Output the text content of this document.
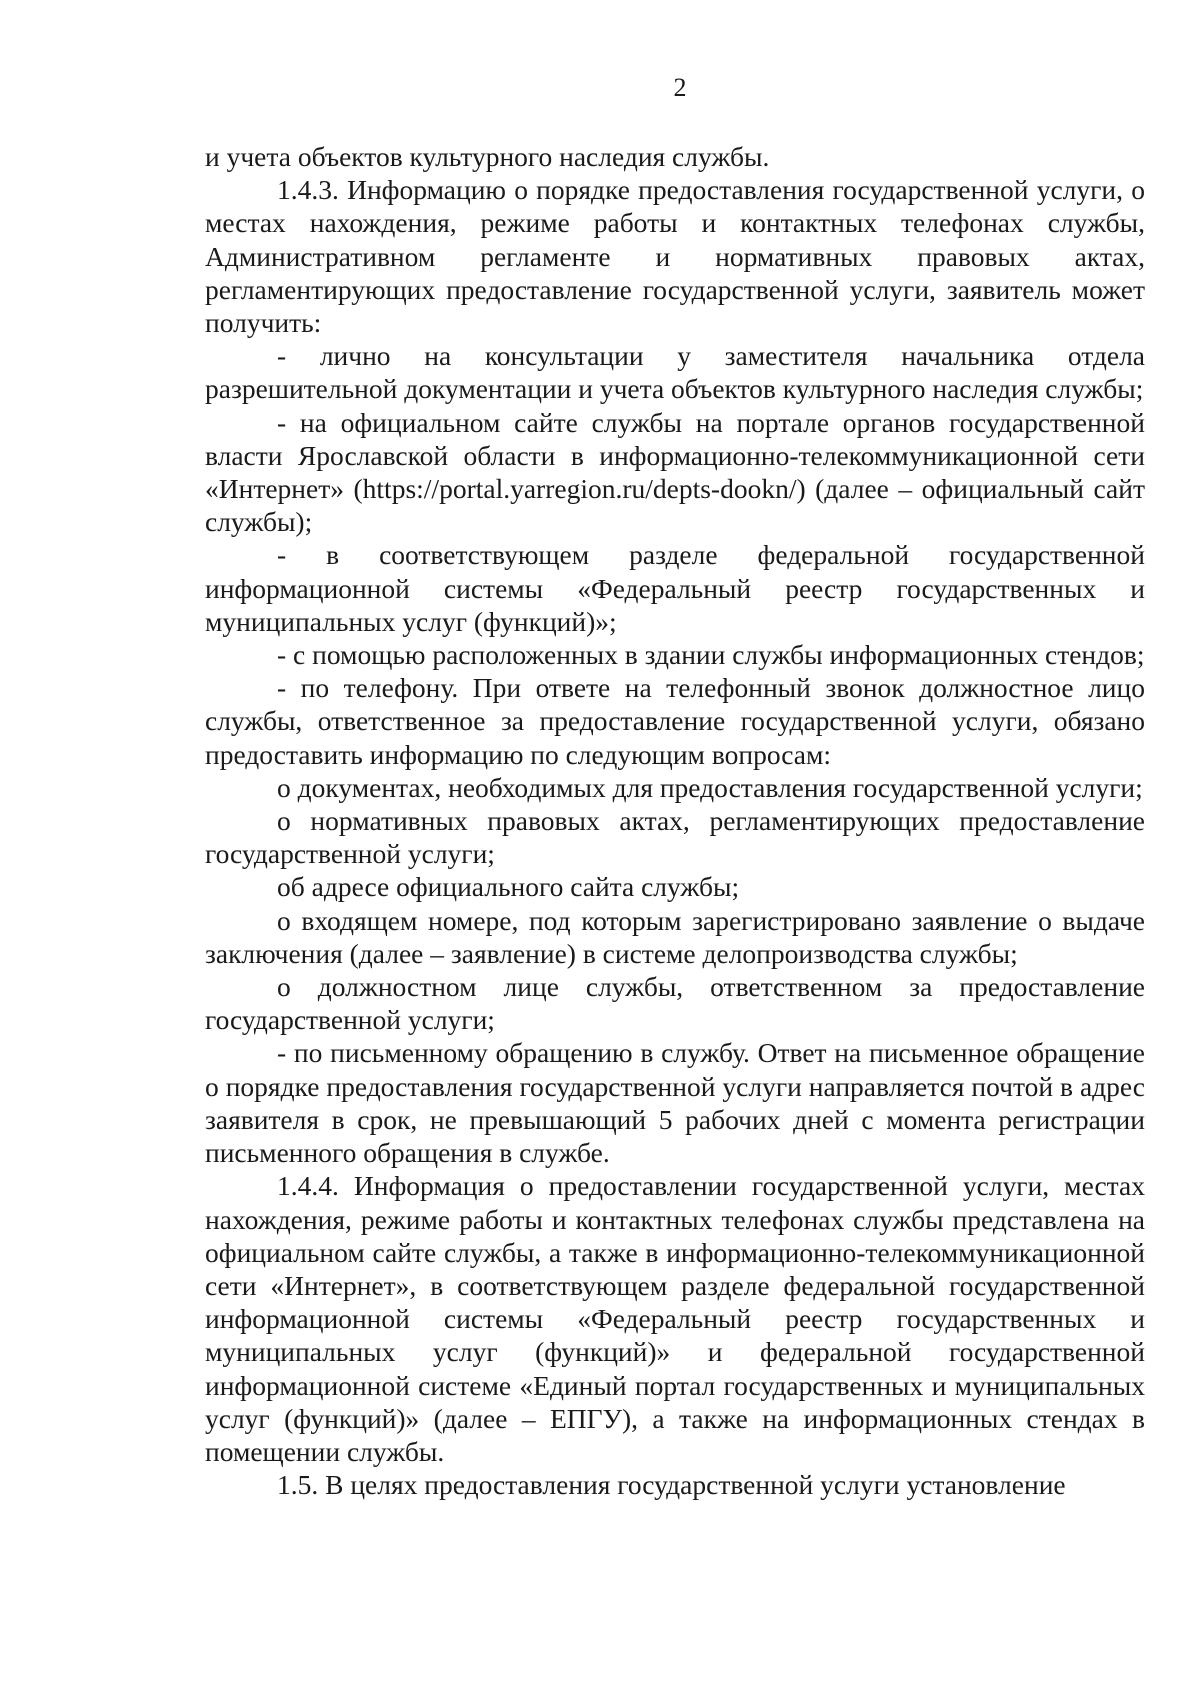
2

и учета объектов культурного наследия службы.

1.4.3. Информацию о порядке предоставления государственной услуги, о местах нахождения, режиме работы и контактных телефонах службы, Административном регламенте и нормативных правовых актах, регламентирующих предоставление государственной услуги, заявитель может получить:

- лично на консультации у заместителя начальника отдела разрешительной документации и учета объектов культурного наследия службы;

- на официальном сайте службы на портале органов государственной власти Ярославской области в информационно-телекоммуникационной сети «Интернет» (https://portal.yarregion.ru/depts-dookn/) (далее – официальный сайт службы);

- в соответствующем разделе федеральной государственной информационной системы «Федеральный реестр государственных и муниципальных услуг (функций)»;

- с помощью расположенных в здании службы информационных стендов;

- по телефону. При ответе на телефонный звонок должностное лицо службы, ответственное за предоставление государственной услуги, обязано предоставить информацию по следующим вопросам:

о документах, необходимых для предоставления государственной услуги;

о нормативных правовых актах, регламентирующих предоставление государственной услуги;

об адресе официального сайта службы;

о входящем номере, под которым зарегистрировано заявление о выдаче заключения (далее – заявление) в системе делопроизводства службы;

о должностном лице службы, ответственном за предоставление государственной услуги;

- по письменному обращению в службу. Ответ на письменное обращение о порядке предоставления государственной услуги направляется почтой в адрес заявителя в срок, не превышающий 5 рабочих дней с момента регистрации письменного обращения в службе.

1.4.4. Информация о предоставлении государственной услуги, местах нахождения, режиме работы и контактных телефонах службы представлена на официальном сайте службы, а также в информационно-телекоммуникационной сети «Интернет», в соответствующем разделе федеральной государственной информационной системы «Федеральный реестр государственных и муниципальных услуг (функций)» и федеральной государственной информационной системе «Единый портал государственных и муниципальных услуг (функций)» (далее – ЕПГУ), а также на информационных стендах в помещении службы.

1.5. В целях предоставления государственной услуги установление
